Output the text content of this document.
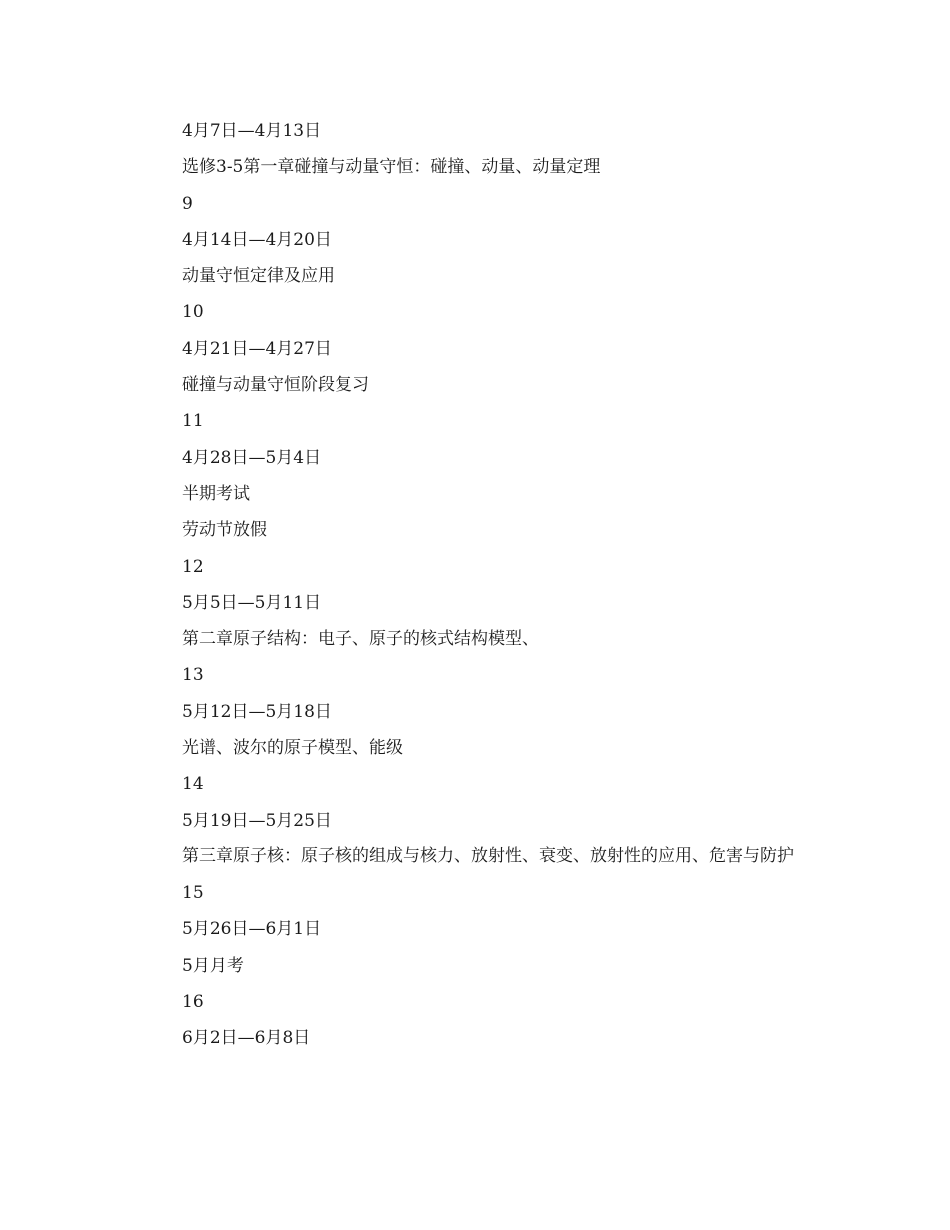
4月7日—4月13日
选修3-5第一章碰撞与动量守恒：碰撞、动量、动量定理
9
4月14日—4月20日
动量守恒定律及应用
10
4月21日—4月27日
碰撞与动量守恒阶段复习
11
4月28日—5月4日
半期考试
劳动节放假
12
5月5日—5月11日
第二章原子结构：电子、原子的核式结构模型、
13
5月12日—5月18日
光谱、波尔的原子模型、能级
14
5月19日—5月25日
第三章原子核：原子核的组成与核力、放射性、衰变、放射性的应用、危害与防护
15
5月26日—6月1日
5月月考
16
6月2日—6月8日
